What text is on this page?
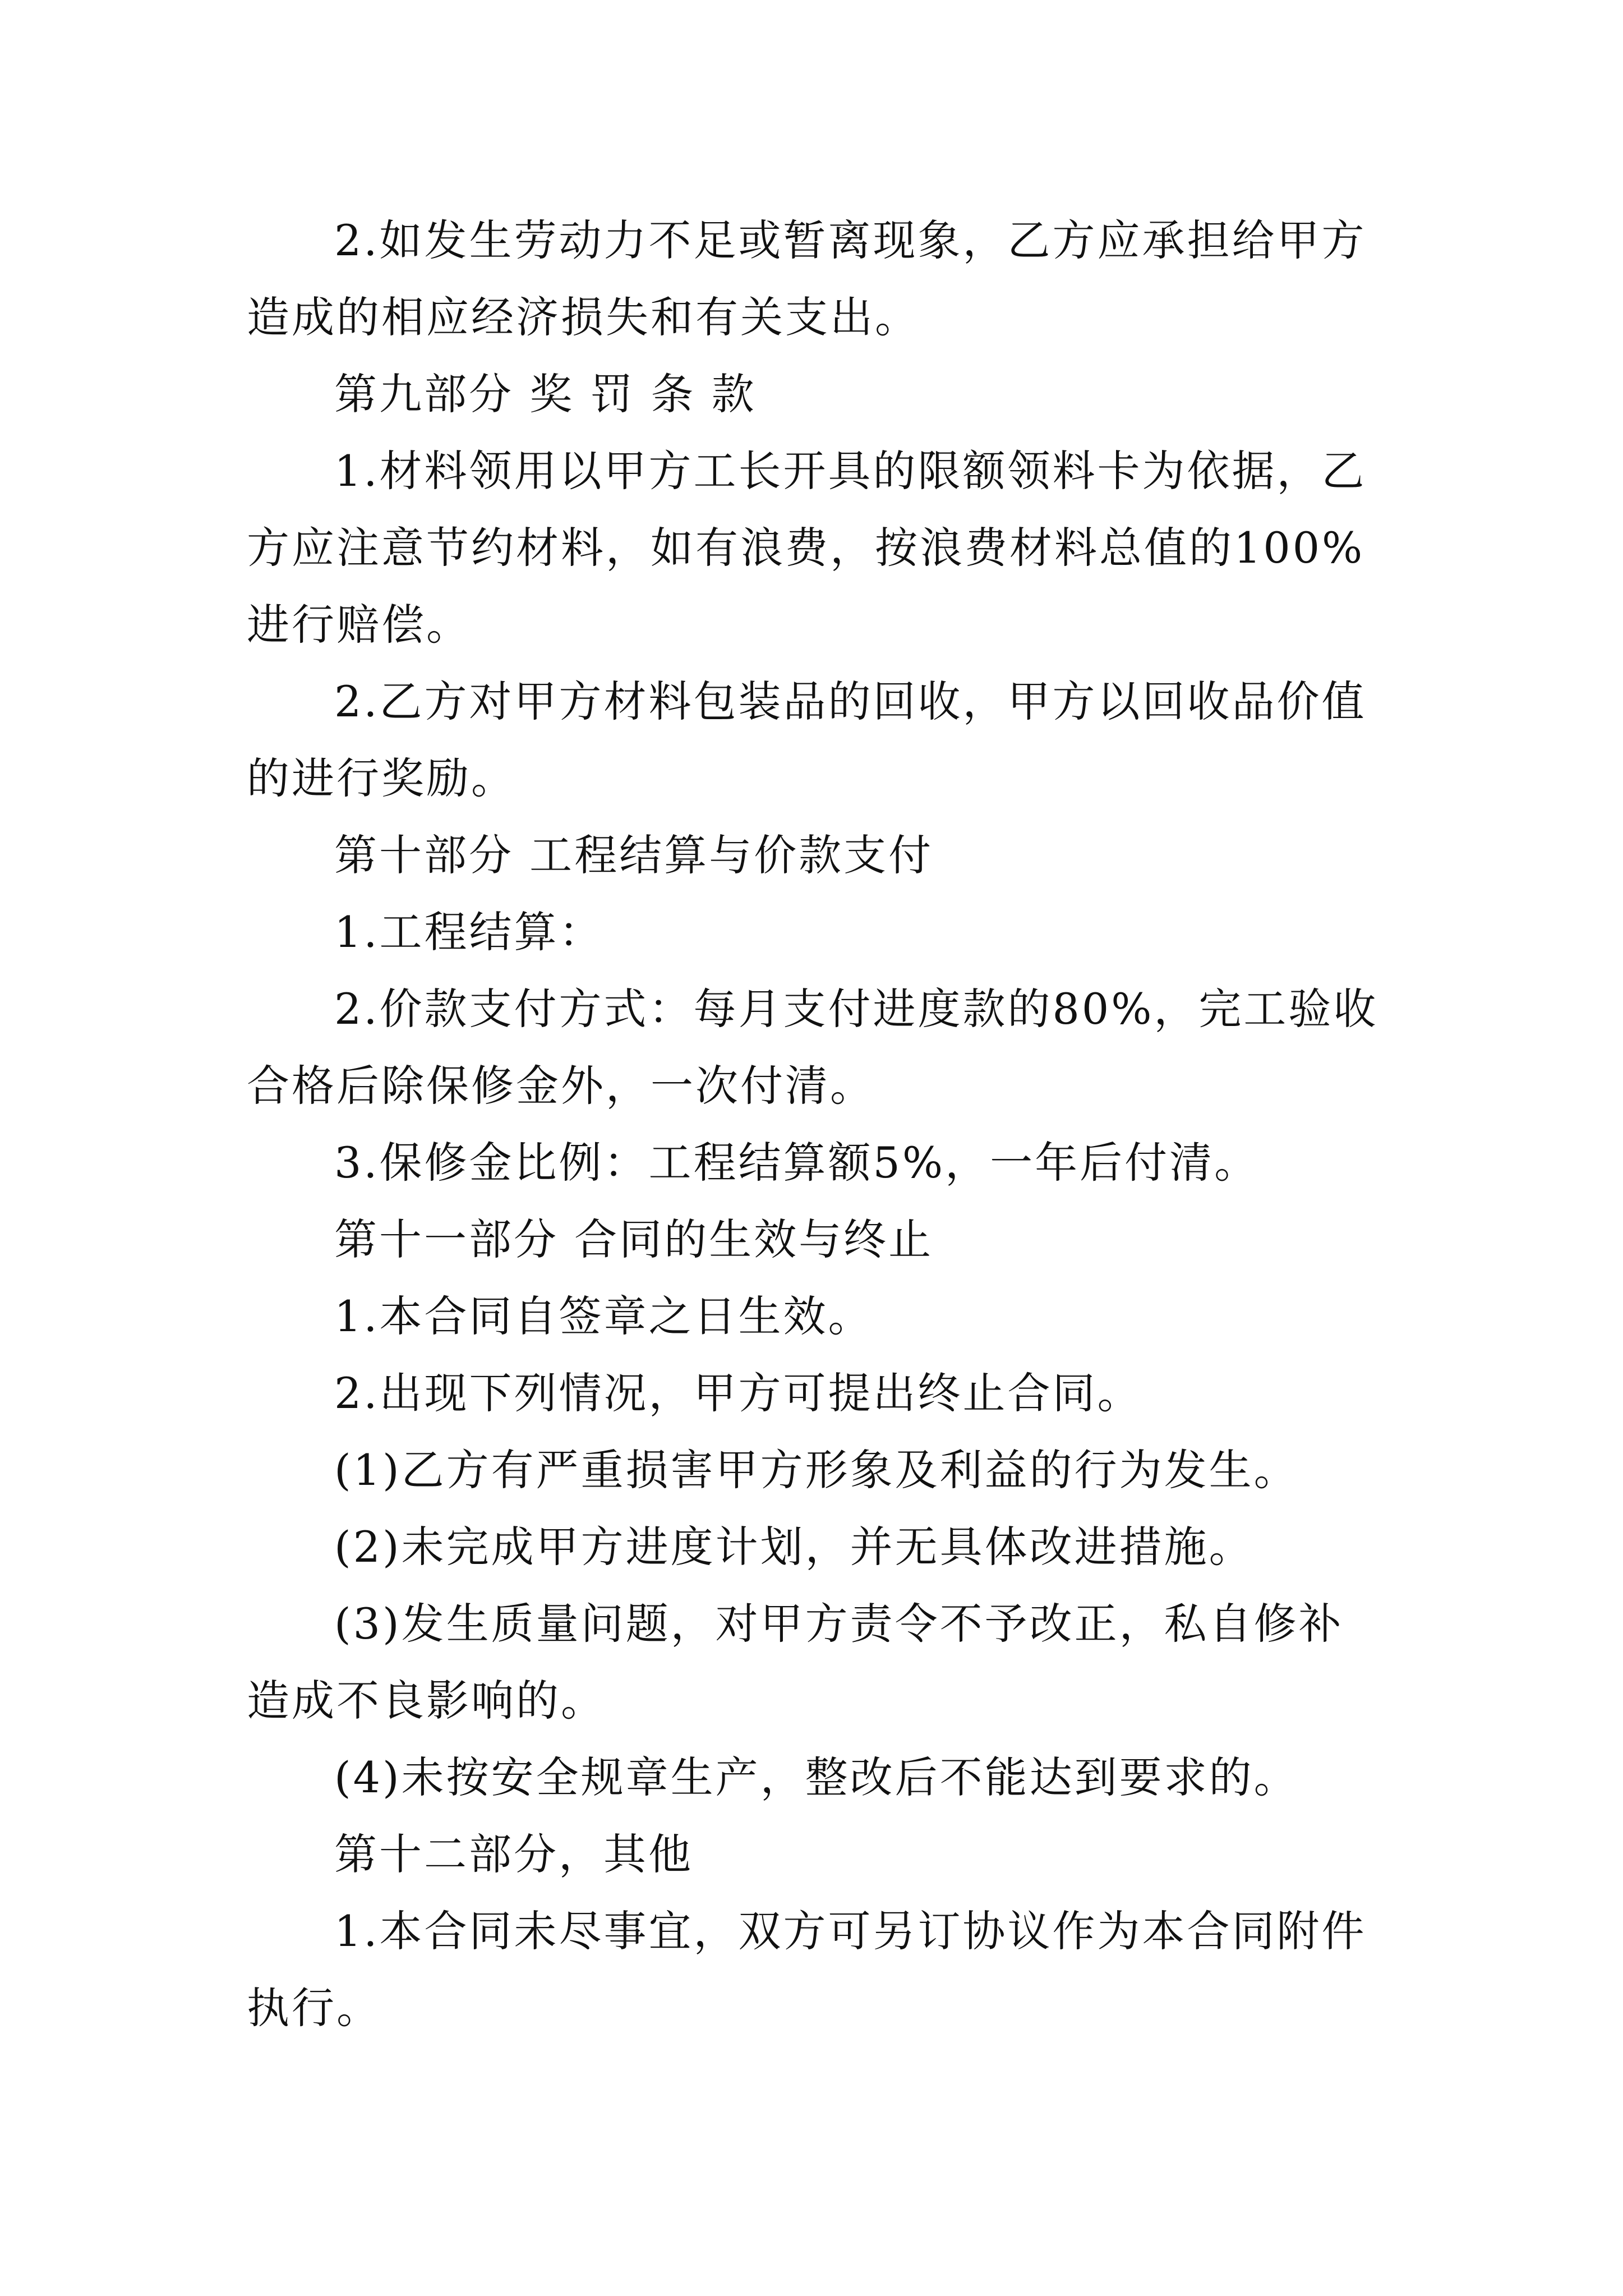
2.如发生劳动力不足或暂离现象，乙方应承担给甲方造成的相应经济损失和有关支出。

第九部分 奖 罚 条 款

1.材料领用以甲方工长开具的限额领料卡为依据，乙方应注意节约材料，如有浪费，按浪费材料总值的100%进行赔偿。

2.乙方对甲方材料包装品的回收，甲方以回收品价值的进行奖励。

第十部分 工程结算与价款支付

1.工程结算：

2.价款支付方式：每月支付进度款的80%，完工验收合格后除保修金外，一次付清。

3.保修金比例：工程结算额5%，一年后付清。

第十一部分 合同的生效与终止

1.本合同自签章之日生效。

2.出现下列情况，甲方可提出终止合同。

(1)乙方有严重损害甲方形象及利益的行为发生。

(2)未完成甲方进度计划，并无具体改进措施。

(3)发生质量问题，对甲方责令不予改正，私自修补造成不良影响的。

(4)未按安全规章生产，整改后不能达到要求的。

第十二部分，其他

1.本合同未尽事宜，双方可另订协议作为本合同附件执行。
